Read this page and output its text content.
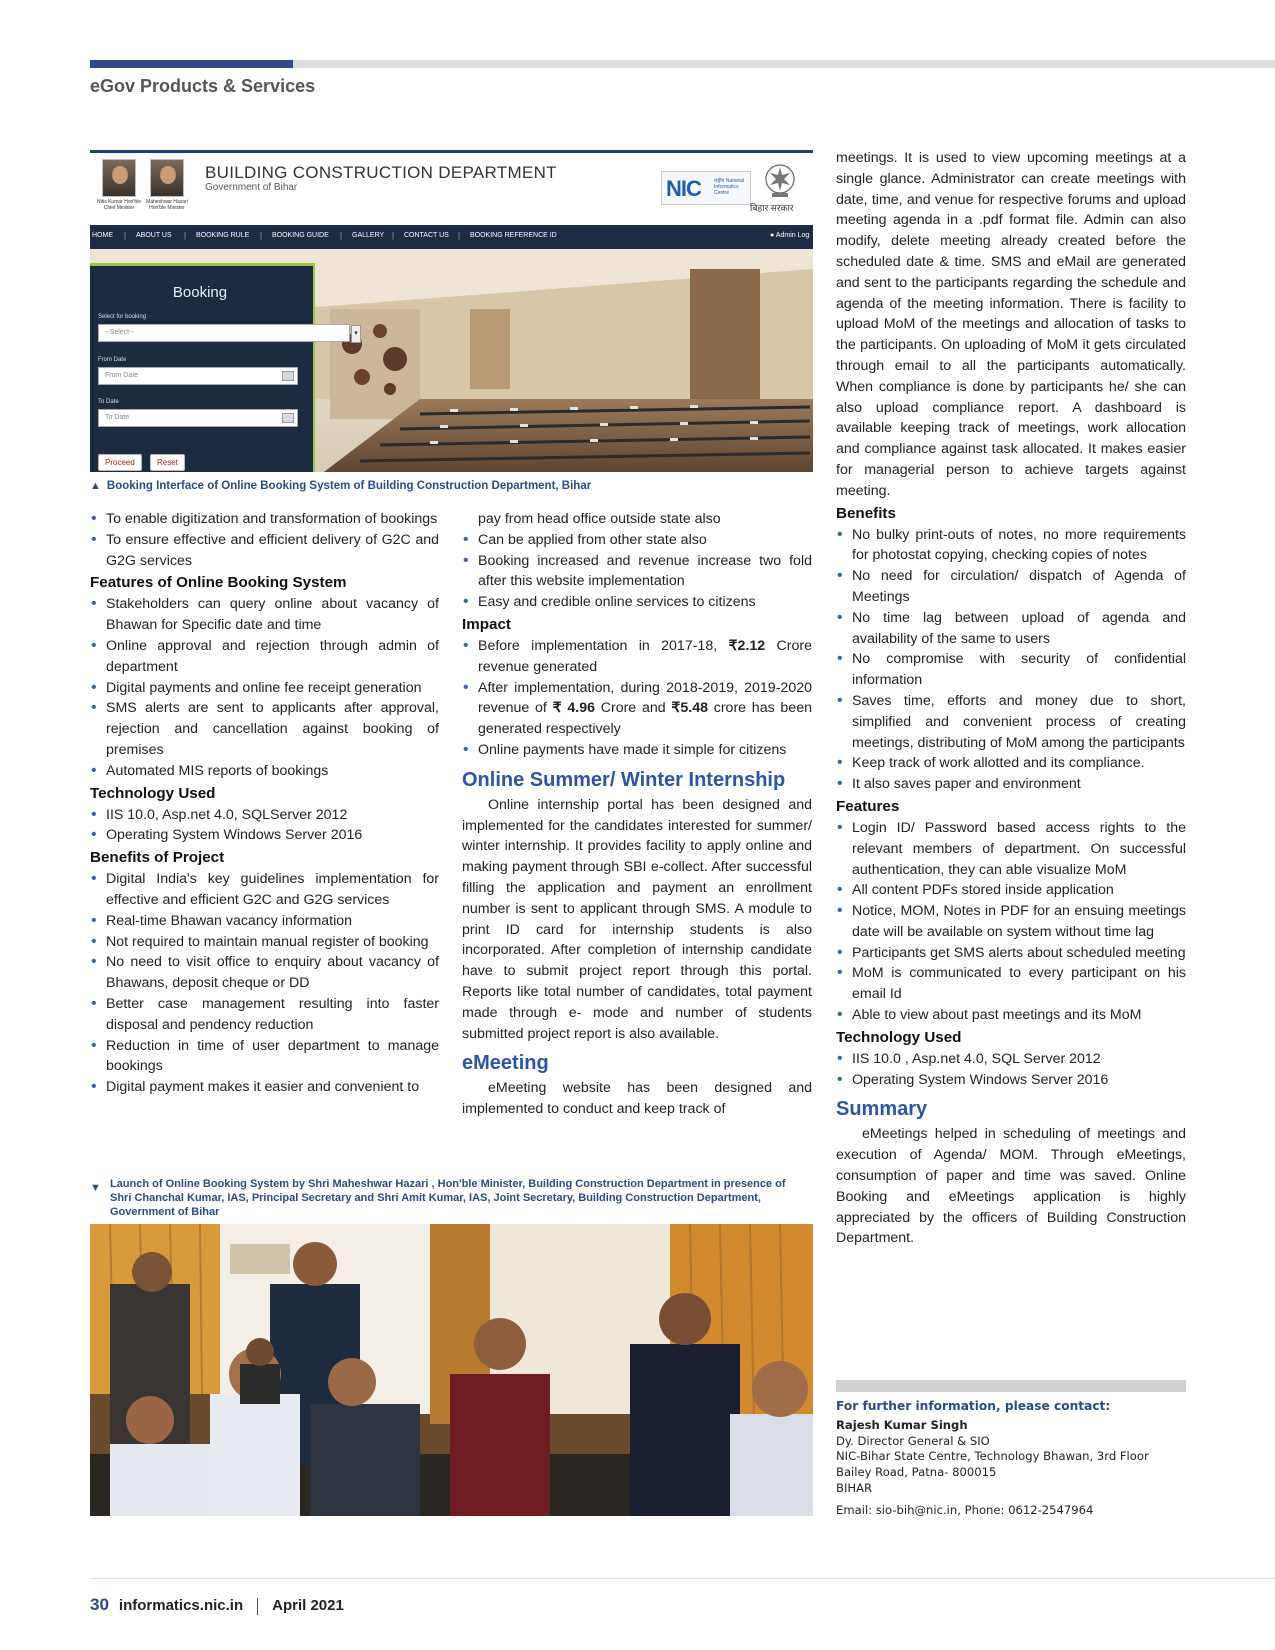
eGov Products & Services
Nitis Kumar Hon'ble Chief Minister
Maheshwar Hazari Hon'ble Minister
BUILDING CONSTRUCTION DEPARTMENT
Government of Bihar	NIC	राष्ट्रीय National Informatics Centre
बिहार सरकार
HOME | ABOUT US | BOOKING RULE | BOOKING GUIDE | GALLERY | CONTACT US | BOOKING REFERENCE ID	● Admin Log
Booking
Select for booking
--Select--	▾
From Date
From Date
To Date
To Date
Proceed	Reset
▲ Booking Interface of Online Booking System of Building Construction Department, Bihar
• To enable digitization and transformation of bookings
• To ensure effective and efficient delivery of G2C and G2G services
Features of Online Booking System
• Stakeholders can query online about vacancy of Bhawan for Specific date and time
• Online approval and rejection through admin of department
• Digital payments and online fee receipt generation
• SMS alerts are sent to applicants after approval, rejection and cancellation against booking of premises
• Automated MIS reports of bookings
Technology Used
• IIS 10.0, Asp.net 4.0, SQLServer 2012
• Operating System Windows Server 2016
Benefits of Project
• Digital India's key guidelines implementation for effective and efficient G2C and G2G services
• Real-time Bhawan vacancy information
• Not required to maintain manual register of booking
• No need to visit office to enquiry about vacancy of Bhawans, deposit cheque or DD
• Better case management resulting into faster disposal and pendency reduction
• Reduction in time of user department to manage bookings
• Digital payment makes it easier and convenient to

pay from head office outside state also

• Can be applied from other state also
• Booking increased and revenue increase two fold after this website implementation
• Easy and credible online services to citizens
Impact
• Before implementation in 2017-18, ₹2.12 Crore revenue generated
• After implementation, during 2018-2019, 2019-2020 revenue of ₹ 4.96 Crore and ₹5.48 crore has been generated respectively
• Online payments have made it simple for citizens
Online Summer/ Winter Internship

Online internship portal has been designed and implemented for the candidates interested for summer/ winter internship. It provides facility to apply online and making payment through SBI e-collect. After successful filling the application and payment an enrollment number is sent to applicant through SMS. A module to print ID card for internship students is also incorporated. After completion of internship candidate have to submit project report through this portal. Reports like total number of candidates, total payment made through e- mode and number of students submitted project report is also available.

eMeeting

eMeeting website has been designed and implemented to conduct and keep track of

meetings. It is used to view upcoming meetings at a single glance. Administrator can create meetings with date, time, and venue for respective forums and upload meeting agenda in a .pdf format file. Admin can also modify, delete meeting already created before the scheduled date & time. SMS and eMail are generated and sent to the participants regarding the schedule and agenda of the meeting information. There is facility to upload MoM of the meetings and allocation of tasks to the participants. On uploading of MoM it gets circulated through email to all the participants automatically. When compliance is done by participants he/ she can also upload compliance report. A dashboard is available keeping track of meetings, work allocation and compliance against task allocated. It makes easier for managerial person to achieve targets against meeting.

Benefits
• No bulky print-outs of notes, no more requirements for photostat copying, checking copies of notes
• No need for circulation/ dispatch of Agenda of Meetings
• No time lag between upload of agenda and availability of the same to users
• No compromise with security of confidential information
• Saves time, efforts and money due to short, simplified and convenient process of creating meetings, distributing of MoM among the participants
• Keep track of work allotted and its compliance.
• It also saves paper and environment
Features
• Login ID/ Password based access rights to the relevant members of department. On successful authentication, they can able visualize MoM
• All content PDFs stored inside application
• Notice, MOM, Notes in PDF for an ensuing meetings date will be available on system without time lag
• Participants get SMS alerts about scheduled meeting
• MoM is communicated to every participant on his email Id
• Able to view about past meetings and its MoM
Technology Used
• IIS 10.0 , Asp.net 4.0, SQL Server 2012
• Operating System Windows Server 2016
Summary

eMeetings helped in scheduling of meetings and execution of Agenda/ MOM. Through eMeetings, consumption of paper and time was saved. Online Booking and eMeetings application is highly appreciated by the officers of Building Construction Department.

▼ Launch of Online Booking System by Shri Maheshwar Hazari , Hon'ble Minister, Building Construction Department in presence of Shri Chanchal Kumar, IAS, Principal Secretary and Shri Amit Kumar, IAS, Joint Secretary, Building Construction Department, Government of Bihar
For further information, please contact:
Rajesh Kumar Singh
Dy. Director General & SIO
NIC-Bihar State Centre, Technology Bhawan, 3rd Floor
Bailey Road, Patna- 800015
BIHAR
Email: sio-bih@nic.in, Phone: 0612-2547964
30 informatics.nic.in April 2021
